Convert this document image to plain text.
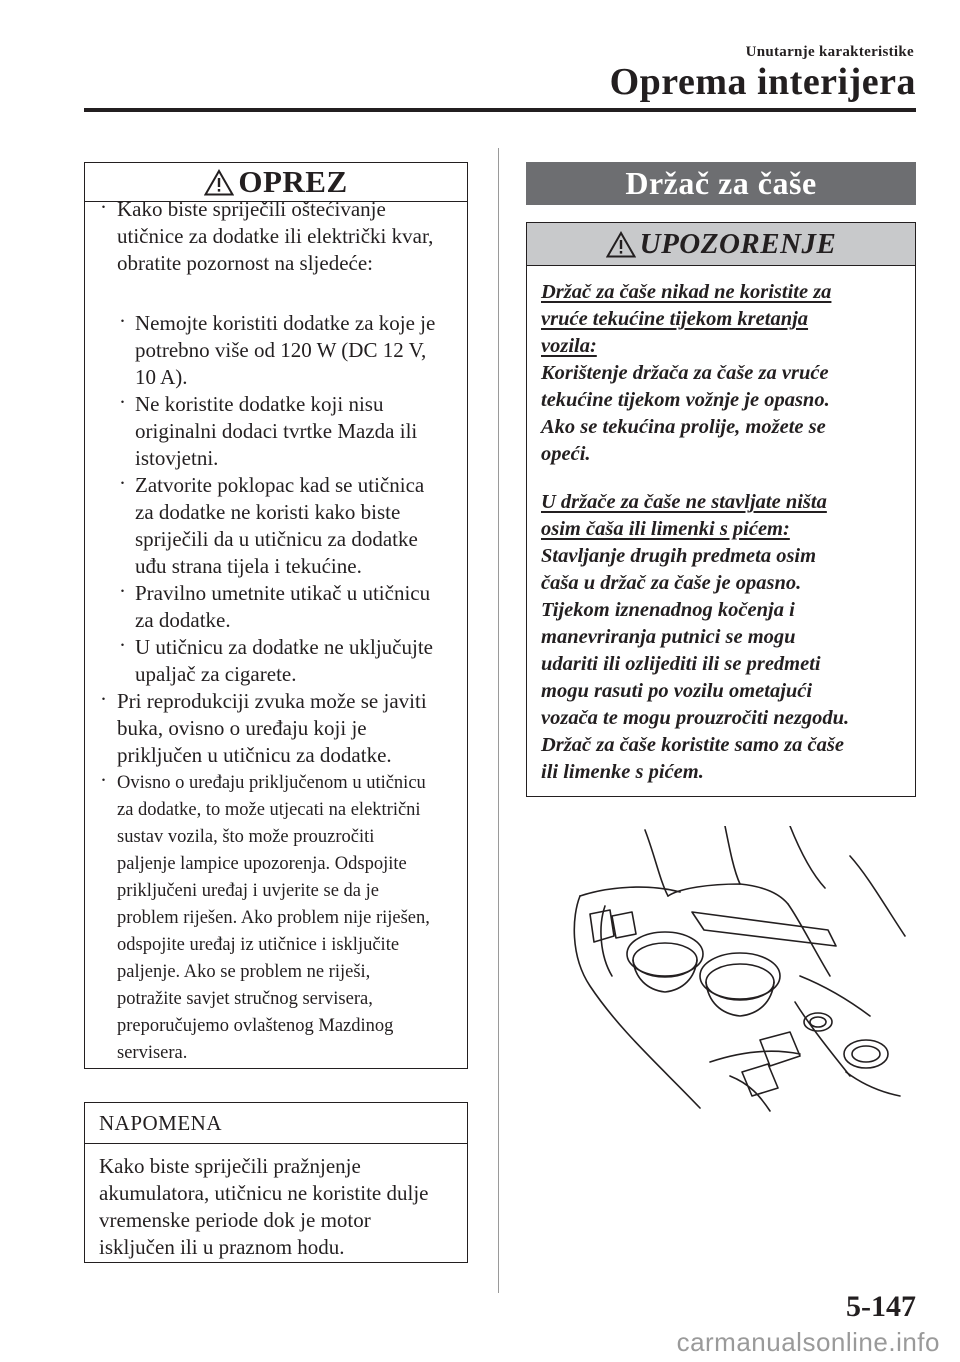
Unutarnje karakteristike
Oprema interijera
OPREZ
· Kako biste spriječili oštećivanje
utičnice za dodatke ili električki kvar,
obratite pozornost na sljedeće:
· Nemojte koristiti dodatke za koje je
potrebno više od 120 W (DC 12 V,
10 A).
· Ne koristite dodatke koji nisu
originalni dodaci tvrtke Mazda ili
istovjetni.
· Zatvorite poklopac kad se utičnica
za dodatke ne koristi kako biste
spriječili da u utičnicu za dodatke
uđu strana tijela i tekućine.
· Pravilno umetnite utikač u utičnicu
za dodatke.
· U utičnicu za dodatke ne uključujte
upaljač za cigarete.
· Pri reprodukciji zvuka može se javiti
buka, ovisno o uređaju koji je
priključen u utičnicu za dodatke.
· Ovisno o uređaju priključenom u utičnicu
za dodatke, to može utjecati na električni
sustav vozila, što može prouzročiti
paljenje lampice upozorenja. Odspojite
priključeni uređaj i uvjerite se da je
problem riješen. Ako problem nije riješen,
odspojite uređaj iz utičnice i isključite
paljenje. Ako se problem ne riješi,
potražite savjet stručnog servisera,
preporučujemo ovlaštenog Mazdinog
servisera.
NAPOMENA
Kako biste spriječili pražnjenje
akumulatora, utičnicu ne koristite dulje
vremenske periode dok je motor
isključen ili u praznom hodu.
Držač za čaše
UPOZORENJE
Držač za čaše nikad ne koristite za
vruće tekućine tijekom kretanja
vozila:
Korištenje držača za čaše za vruće
tekućine tijekom vožnje je opasno.
Ako se tekućina prolije, možete se
opeći.
U držače za čaše ne stavljate ništa
osim čaša ili limenki s pićem:
Stavljanje drugih predmeta osim
čaša u držač za čaše je opasno.
Tijekom iznenadnog kočenja i
manevriranja putnici se mogu
udariti ili ozlijediti ili se predmeti
mogu rasuti po vozilu ometajući
vozača te mogu prouzročiti nezgodu.
Držač za čaše koristite samo za čaše
ili limenke s pićem.
5-147
carmanualsonline.info
